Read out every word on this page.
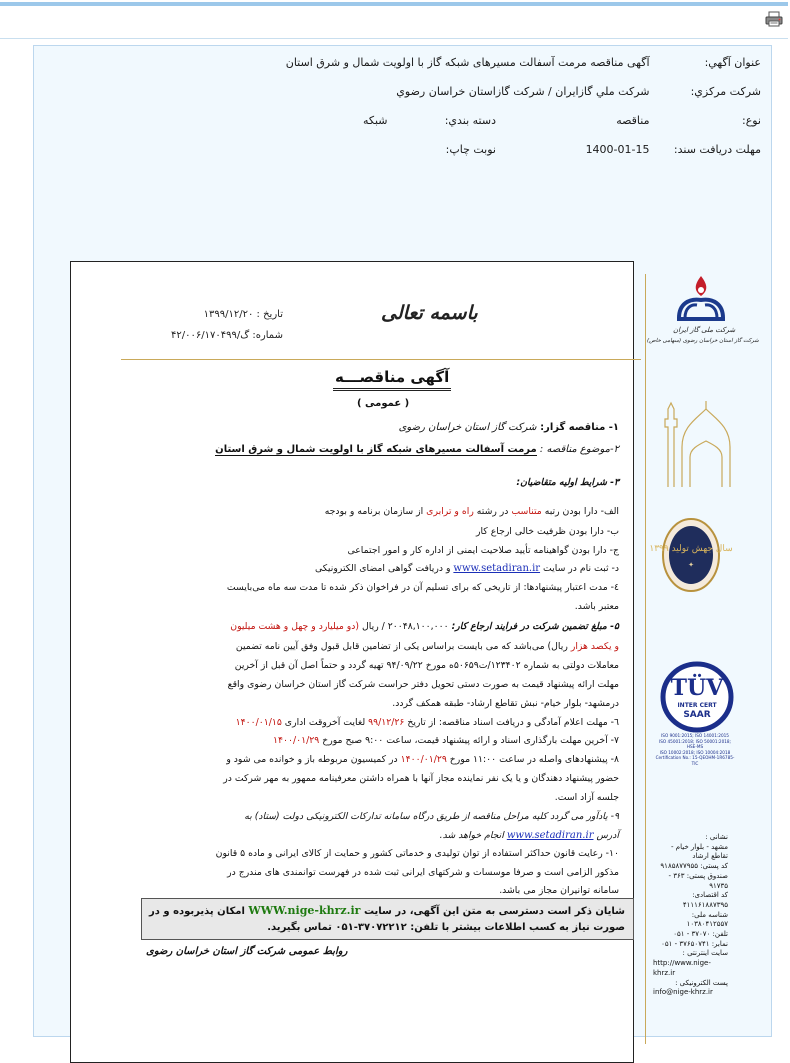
عنوان آگهي: آگهی مناقصه مرمت آسفالت مسیرهای شبکه گاز با اولویت شمال و شرق استان
شرکت مرکزي: شرکت ملي گازايران / شرکت گازاستان خراسان رضوي
نوع: مناقصه دسته بندي: شبکه
مهلت دريافت سند: 1400-01-15 نوبت چاپ:
شرکت ملی گاز ایران
شرکت گاز استان خراسان رضوی (سهامی خاص)
باسمه تعالی
تاریخ : ۱۳۹۹/۱۲/۲۰
شماره: گ/۴۲/۰۰۶/۱۷۰۴۹۹
سال جهش تولید ۱۳۹۹
✦
TÜV
INTER CERT
SAAR
ISO 9001:2015; ISO 14001:2015
ISO 45001:2018; ISO 50001:2018; HSE-MS
ISO 10002:2018; ISO 10004:2018
Certification No.: 15-QEOHM-1R6785-TIC
نشانی :
مشهد - بلوار خیام - تقاطع ارشاد
کد پستی: ۹۱۸۵۸۷۷۹۵۵
صندوق پستی: ۳۶۳ - ۹۱۷۳۵
کد اقتصادی: ۴۱۱۱۶۱۸۸۷۳۹۵
شناسه ملی: ۱۰۳۸۰۴۱۲۵۵۷
تلفن: ۳۷۰۷۰ - ۰۵۱
نمابر: ۳۷۶۵۰۷۴۱ - ۰۵۱
سایت اینترنتی :
http://www.nige-khrz.ir
پست الکترونیکی :
info@nige-khrz.ir
آگهی مناقصـــه
( عمومی )
۱- مناقصه گزار: شرکت گاز استان خراسان رضوی
۲-موضوع مناقصه : مرمت آسفالت مسیرهای شبکه گاز با اولویت شمال و شرق استان
۳- شرایط اولیه متقاضیان:
الف- دارا بودن رتبه متناسب در رشته راه و ترابری از سازمان برنامه و بودجه
ب- دارا بودن ظرفیت خالی ارجاع کار
ج- دارا بودن گواهینامه تأیید صلاحیت ایمنی از اداره کار و امور اجتماعی
د- ثبت نام در سایت www.setadiran.ir و دریافت گواهی امضای الکترونیکی
٤- مدت اعتبار پیشنهادها: از تاریخی که برای تسلیم آن در فراخوان ذکر شده تا مدت سه ماه می‌بایست
معتبر باشد.
۵- مبلغ تضمین شرکت در فرایند ارجاع کار: ۲۰۰۴۸,۱۰۰,۰۰۰ / ریال (دو میلیارد و چهل و هشت میلیون
و یکصد هزار ریال) می‌باشد که می بایست براساس یکی از تضامین قابل قبول وفق آیین نامه تضمین
معاملات دولتی به شماره ۱۲۳۴۰۲/ت۵۰۶۵۹ه مورخ ۹۴/۰۹/۲۲ تهیه گردد و حتماً اصل آن قبل از آخرین
مهلت ارائه پیشنهاد قیمت به صورت دستی تحویل دفتر حراست شرکت گاز استان خراسان رضوی واقع
درمشهد- بلوار خیام- نبش تقاطع ارشاد- طبقه همکف گردد.
٦- مهلت اعلام آمادگی و دریافت اسناد مناقصه: از تاریخ ۹۹/۱۲/۲۶ لغایت آخروقت اداری ۱۴۰۰/۰۱/۱۵
۷- آخرین مهلت بارگذاری اسناد و ارائه پیشنهاد قیمت، ساعت ۹:۰۰ صبح مورخ ۱۴۰۰/۰۱/۲۹
۸- پیشنهادهای واصله در ساعت ۱۱:۰۰ مورخ ۱۴۰۰/۰۱/۲۹ در کمیسیون مربوطه باز و خوانده می شود و
حضور پیشنهاد دهندگان و یا یک نفر نماینده مجاز آنها با همراه داشتن معرفینامه ممهور به مهر شرکت در
جلسه آزاد است.
۹- یادآور می گردد کلیه مراحل مناقصه از طریق درگاه سامانه تدارکات الکترونیکی دولت (ستاد) به
آدرس www.setadiran.ir انجام خواهد شد.
۱۰- رعایت قانون حداکثر استفاده از توان تولیدی و خدماتی کشور و حمایت از کالای ایرانی و ماده ۵ قانون
مذکور الزامی است و صرفا موسسات و شرکتهای ایرانی ثبت شده در فهرست توانمندی های مندرج در
سامانه توانیران مجاز می باشد.
شایان ذکر است دسترسی به متن این آگهی، در سایت WWW.nige-khrz.ir امکان پذیربوده و در
صورت نیاز به کسب اطلاعات بیشتر با تلفن: ۳۷۰۷۲۲۱۲-۰۵۱ تماس بگیرید.
روابط عمومی شرکت گاز استان خراسان رضوی
